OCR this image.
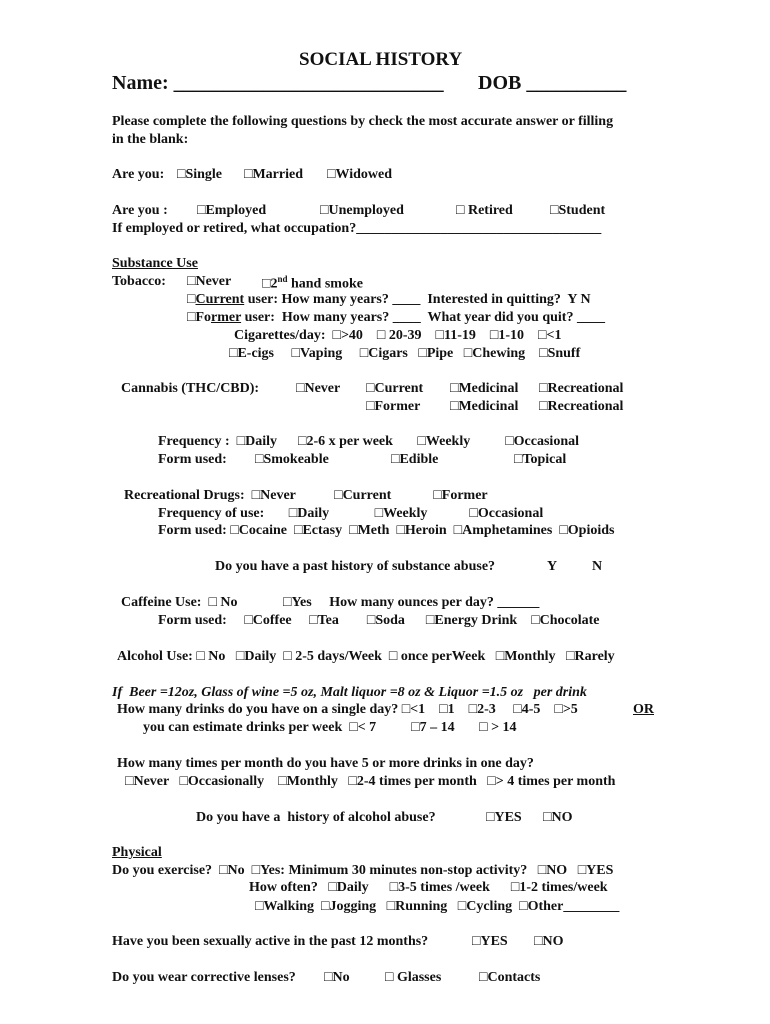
SOCIAL HISTORY
Name: ___________________________ DOB __________
Please complete the following questions by check the most accurate answer or filling
in the blank:
Are you: □Single □Married □Widowed
Are you : □Employed	□Unemployed	□ Retired	□Student
If employed or retired, what occupation?___________________________________
Substance Use
Tobacco: □Never □2nd hand smoke
□Current user: How many years? ____  Interested in quitting?  Y N
□Former user:  How many years? ____  What year did you quit? ____
Cigarettes/day:  □>40    □ 20-39    □11-19    □1-10    □<1
□E-cigs     □Vaping     □Cigars   □Pipe   □Chewing    □Snuff
Cannabis (THC/CBD):	□Never □Current □Medicinal □Recreational
□Former □Medicinal □Recreational
Frequency :  □Daily      □2-6 x per week       □Weekly          □Occasional
Form used: □Smokeable	□Edible	□Topical
Recreational Drugs:  □Never           □Current            □Former
Frequency of use:       □Daily             □Weekly            □Occasional
Form used: □Cocaine  □Ectasy  □Meth  □Heroin  □Amphetamines  □Opioids
Do you have a past history of substance abuse?	Y N
Caffeine Use:  □ No             □Yes     How many ounces per day? ______
Form used:     □Coffee     □Tea        □Soda      □Energy Drink    □Chocolate
Alcohol Use: □ No   □Daily  □ 2-5 days/Week  □ once perWeek   □Monthly   □Rarely
If  Beer =12oz, Glass of wine =5 oz, Malt liquor =8 oz & Liquor =1.5 oz   per drink
How many drinks do you have on a single day? □<1    □1    □2-3     □4-5    □>5	OR
you can estimate drinks per week  □< 7          □7 – 14       □ > 14
How many times per month do you have 5 or more drinks in one day?
□Never   □Occasionally    □Monthly   □2-4 times per month   □> 4 times per month
Do you have a  history of alcohol abuse?	□YES □NO
Physical
Do you exercise?  □No  □Yes: Minimum 30 minutes non-stop activity?   □NO   □YES
How often?   □Daily      □3-5 times /week      □1-2 times/week
□Walking  □Jogging   □Running   □Cycling  □Other________
Have you been sexually active in the past 12 months?	□YES □NO
Do you wear corrective lenses? □No	□ Glasses	□Contacts
